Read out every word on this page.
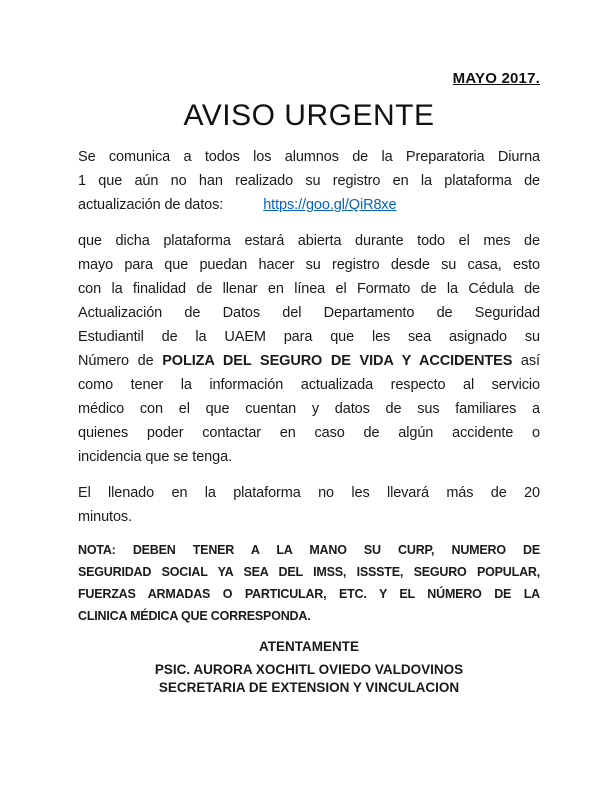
MAYO 2017.
AVISO URGENTE
Se comunica a todos los alumnos de la Preparatoria Diurna
1 que aún no han realizado su registro en la plataforma de
actualización de datos:	https://goo.gl/QiR8xe
que dicha plataforma estará abierta durante todo el mes de
mayo para que puedan hacer su registro desde su casa, esto
con la finalidad de llenar en línea el Formato de la Cédula de
Actualización de Datos del Departamento de Seguridad
Estudiantil de la UAEM para que les sea asignado su
Número de POLIZA DEL SEGURO DE VIDA Y ACCIDENTES así
como tener la información actualizada respecto al servicio
médico con el que cuentan y datos de sus familiares a
quienes poder contactar en caso de algún accidente o
incidencia que se tenga.
El llenado en la plataforma no les llevará más de 20
minutos.
NOTA: DEBEN TENER A LA MANO SU CURP, NUMERO DE
SEGURIDAD SOCIAL YA SEA DEL IMSS, ISSSTE, SEGURO POPULAR,
FUERZAS ARMADAS O PARTICULAR, ETC. Y EL NÚMERO DE LA
CLINICA MÉDICA QUE CORRESPONDA.
ATENTAMENTE
PSIC. AURORA XOCHITL OVIEDO VALDOVINOS
SECRETARIA DE EXTENSION Y VINCULACION
